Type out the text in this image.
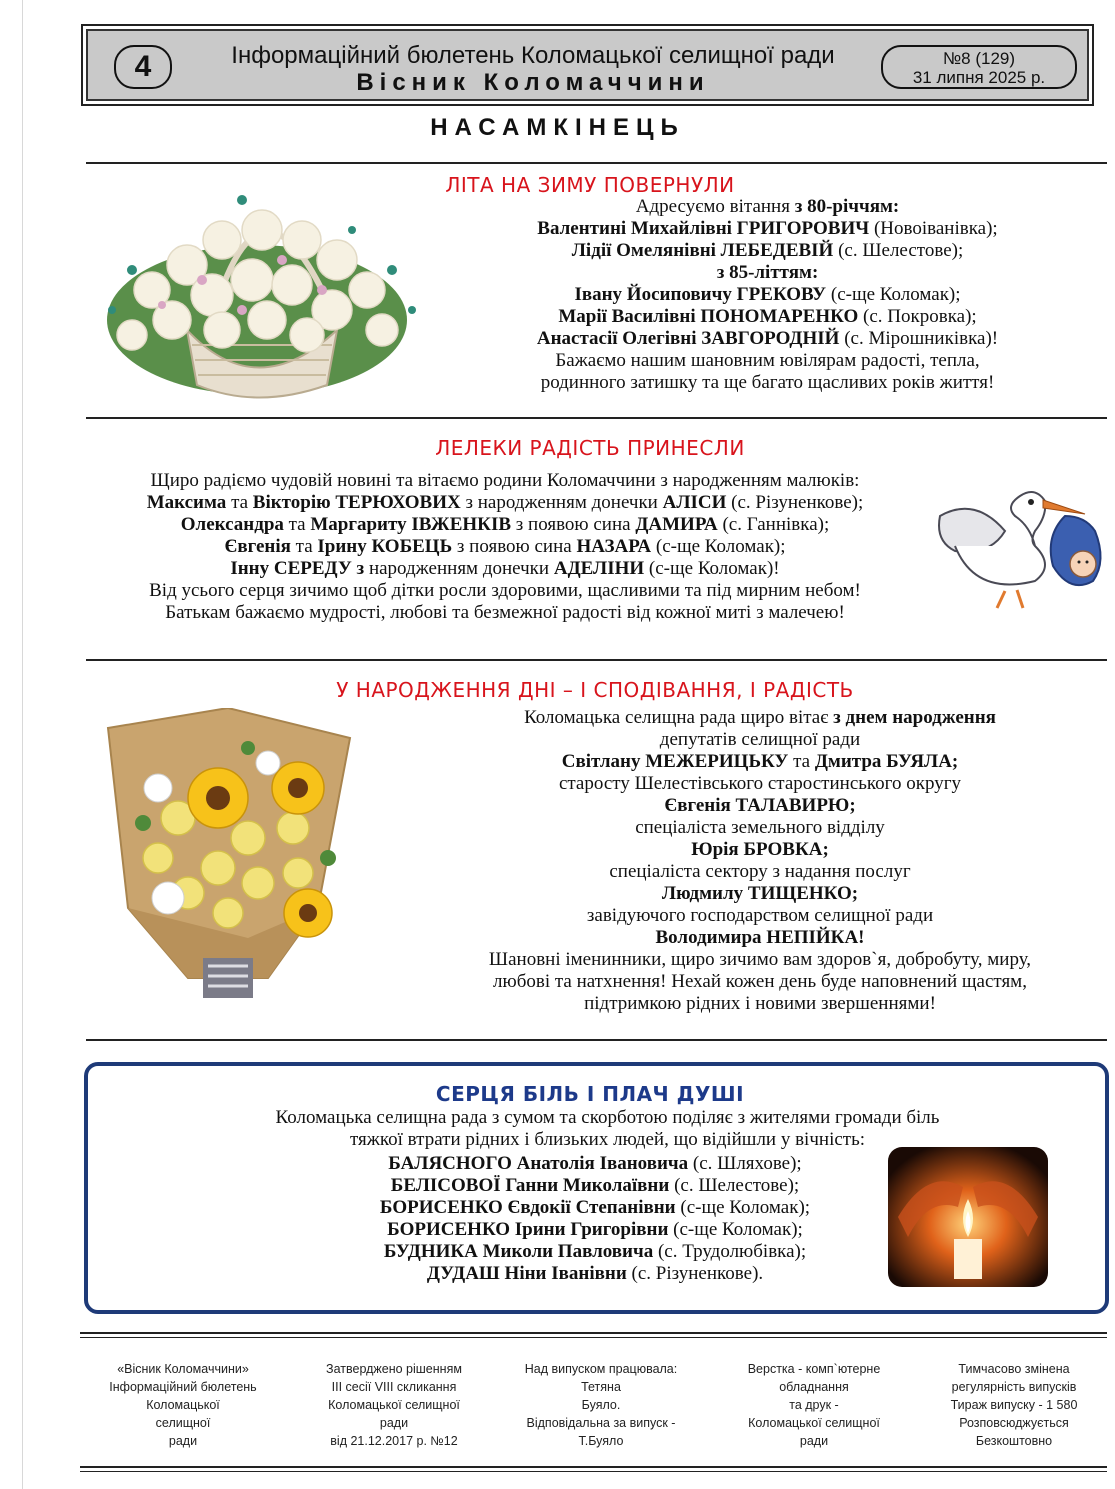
4	Інформаційний бюлетень Коломацької селищної ради
Вісник Коломаччини
№8 (129)
31 липня 2025 р.
НАСАМКІНЕЦЬ
ЛІТА НА ЗИМУ ПОВЕРНУЛИ
Адресуємо вітання з 80-річчям:
Валентині Михайлівні ГРИГОРОВИЧ (Новоіванівка);
Лідії Омелянівні ЛЕБЕДЕВІЙ (с. Шелестове);
з 85-літтям:
Івану Йосиповичу ГРЕКОВУ (с-ще Коломак);
Марії Василівні ПОНОМАРЕНКО (с. Покровка);
Анастасії Олегівні ЗАВГОРОДНІЙ (с. Мірошниківка)!
Бажаємо нашим шановним ювілярам радості, тепла,
родинного затишку та ще багато щасливих років життя!
ЛЕЛЕКИ РАДІСТЬ ПРИНЕСЛИ
Щиро радіємо чудовій новині та вітаємо родини Коломаччини з народженням малюків:
Максима та Вікторію ТЕРЮХОВИХ з народженням донечки АЛІСИ (с. Різуненкове);
Олександра та Маргариту ІВЖЕНКІВ з появою сина ДАМИРА (с. Ганнівка);
Євгенія та Ірину КОБЕЦЬ з появою сина НАЗАРА (с-ще Коломак);
Інну СЕРЕДУ з народженням донечки АДЕЛІНИ (с-ще Коломак)!
Від усього серця зичимо щоб дітки росли здоровими, щасливими та під мирним небом!
Батькам бажаємо мудрості, любові та безмежної радості від кожної миті з малечею!
У НАРОДЖЕННЯ ДНІ – І СПОДІВАННЯ, І РАДІСТЬ
Коломацька селищна рада щиро вітає з днем народження
депутатів селищної ради
Світлану МЕЖЕРИЦЬКУ та Дмитра БУЯЛА;
старосту Шелестівського старостинського округу
Євгенія ТАЛАВИРЮ;
спеціаліста земельного відділу
Юрія БРОВКА;
спеціаліста сектору з надання послуг
Людмилу ТИЩЕНКО;
завідуючого господарством селищної ради
Володимира НЕПІЙКА!
Шановні іменинники, щиро зичимо вам здоров`я, добробуту, миру,
любові та натхнення! Нехай кожен день буде наповнений щастям,
підтримкою рідних і новими звершеннями!
СЕРЦЯ БІЛЬ І ПЛАЧ ДУШІ
Коломацька селищна рада з сумом та скорботою поділяє з жителями громади біль
тяжкої втрати рідних і близьких людей, що відійшли у вічність:
БАЛЯСНОГО Анатолія Івановича (с. Шляхове);
БЕЛІСОВОЇ Ганни Миколаївни (с. Шелестове);
БОРИСЕНКО Євдокії Степанівни (с-ще Коломак);
БОРИСЕНКО Ірини Григорівни (с-ще Коломак);
БУДНИКА Миколи Павловича (с. Трудолюбівка);
ДУДАШ Ніни Іванівни (с. Різуненкове).
«Вісник Коломаччини»
Інформаційний бюлетень
Коломацької
селищної
ради
Затверджено рішенням
ІІІ сесії VIII скликання
Коломацької селищної
ради
від 21.12.2017 р. №12
Над випуском працювала:
Тетяна
Буяло.
Відповідальна за випуск -
Т.Буяло
Верстка - комп`ютерне
обладнання
та друк -
Коломацької селищної
ради
Тимчасово змінена
регулярність випусків
Тираж випуску - 1 580
Розповсюджується
Безкоштовно
